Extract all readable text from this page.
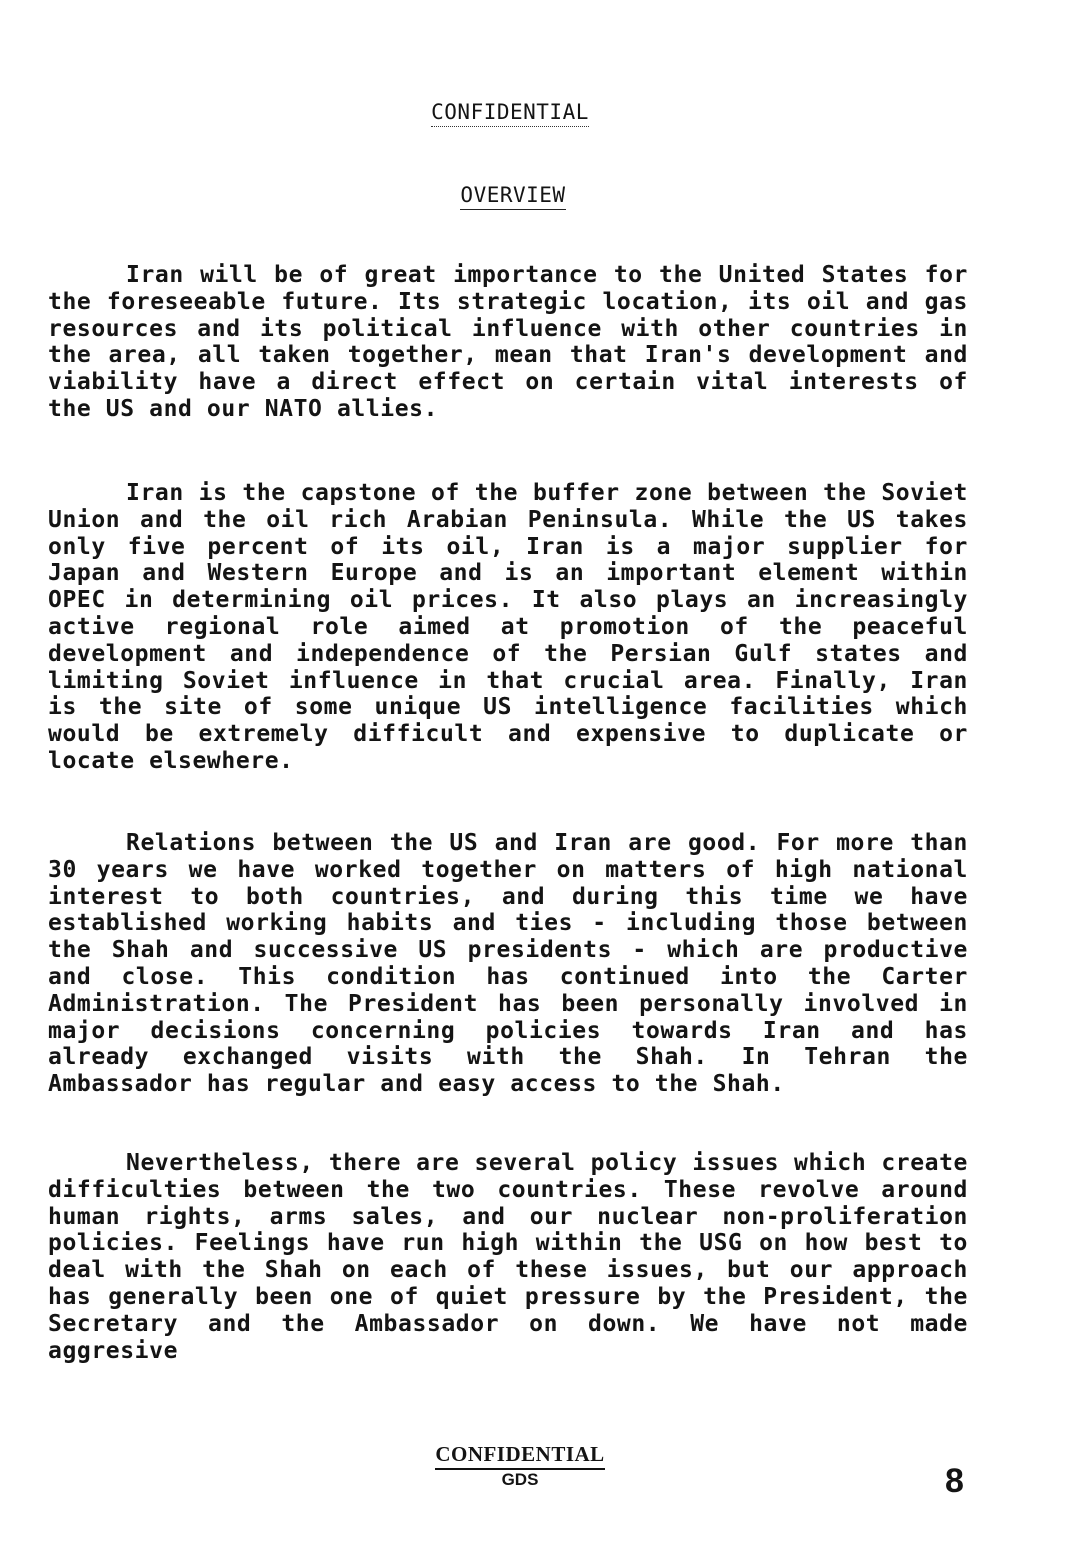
CONFIDENTIAL
OVERVIEW

Iran will be of great importance to the United States for the foreseeable future. Its strategic location, its oil and gas resources and its political influence with other countries in the area, all taken together, mean that Iran's development and viability have a direct effect on certain vital interests of the US and our NATO allies.

Iran is the capstone of the buffer zone between the Soviet Union and the oil rich Arabian Peninsula. While the US takes only five percent of its oil, Iran is a major supplier for Japan and Western Europe and is an important element within OPEC in determining oil prices. It also plays an increasingly active regional role aimed at promotion of the peaceful development and independence of the Persian Gulf states and limiting Soviet influence in that crucial area. Finally, Iran is the site of some unique US intelligence facilities which would be extremely difficult and expensive to duplicate or locate elsewhere.

Relations between the US and Iran are good. For more than 30 years we have worked together on matters of high national interest to both countries, and during this time we have established working habits and ties - including those between the Shah and successive US presidents - which are productive and close. This condition has continued into the Carter Administration. The President has been personally involved in major decisions concerning policies towards Iran and has already exchanged visits with the Shah. In Tehran the Ambassador has regular and easy access to the Shah.

Nevertheless, there are several policy issues which create difficulties between the two countries. These revolve around human rights, arms sales, and our nuclear non-proliferation policies. Feelings have run high within the USG on how best to deal with the Shah on each of these issues, but our approach has generally been one of quiet pressure by the President, the Secretary and the Ambassador on down. We have not made aggresive

CONFIDENTIAL
GDS	8
